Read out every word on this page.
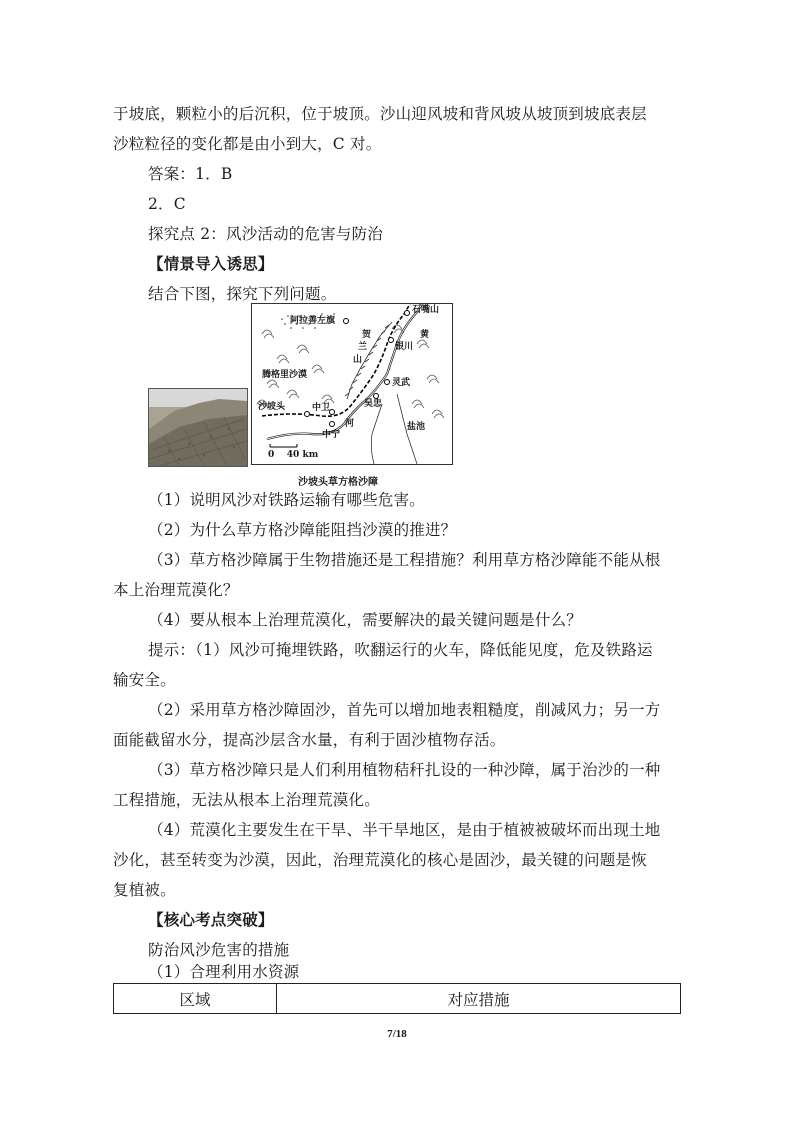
于坡底，颗粒小的后沉积，位于坡顶。沙山迎风坡和背风坡从坡顶到坡底表层
沙粒粒径的变化都是由小到大，C 对。
答案：1．B
2．C
探究点 2：风沙活动的危害与防治
【情景导入诱思】
结合下图，探究下列问题。
石嘴山
阿拉善左旗
贺
兰
山
黄
银川
腾格里沙漠
灵武
吴忠
沙坡头	中卫
河
中宁
盐池
0    40 km
沙坡头草方格沙障
（1）说明风沙对铁路运输有哪些危害。
（2）为什么草方格沙障能阻挡沙漠的推进？
（3）草方格沙障属于生物措施还是工程措施？利用草方格沙障能不能从根
本上治理荒漠化？
（4）要从根本上治理荒漠化，需要解决的最关键问题是什么？
提示：（1）风沙可掩埋铁路，吹翻运行的火车，降低能见度，危及铁路运
输安全。
（2）采用草方格沙障固沙，首先可以增加地表粗糙度，削减风力；另一方
面能截留水分，提高沙层含水量，有利于固沙植物存活。
（3）草方格沙障只是人们利用植物秸秆扎设的一种沙障，属于治沙的一种
工程措施，无法从根本上治理荒漠化。
（4）荒漠化主要发生在干旱、半干旱地区，是由于植被被破坏而出现土地
沙化，甚至转变为沙漠，因此，治理荒漠化的核心是固沙，最关键的问题是恢
复植被。
【核心考点突破】
防治风沙危害的措施
（1）合理利用水资源
区域	对应措施
7/18
